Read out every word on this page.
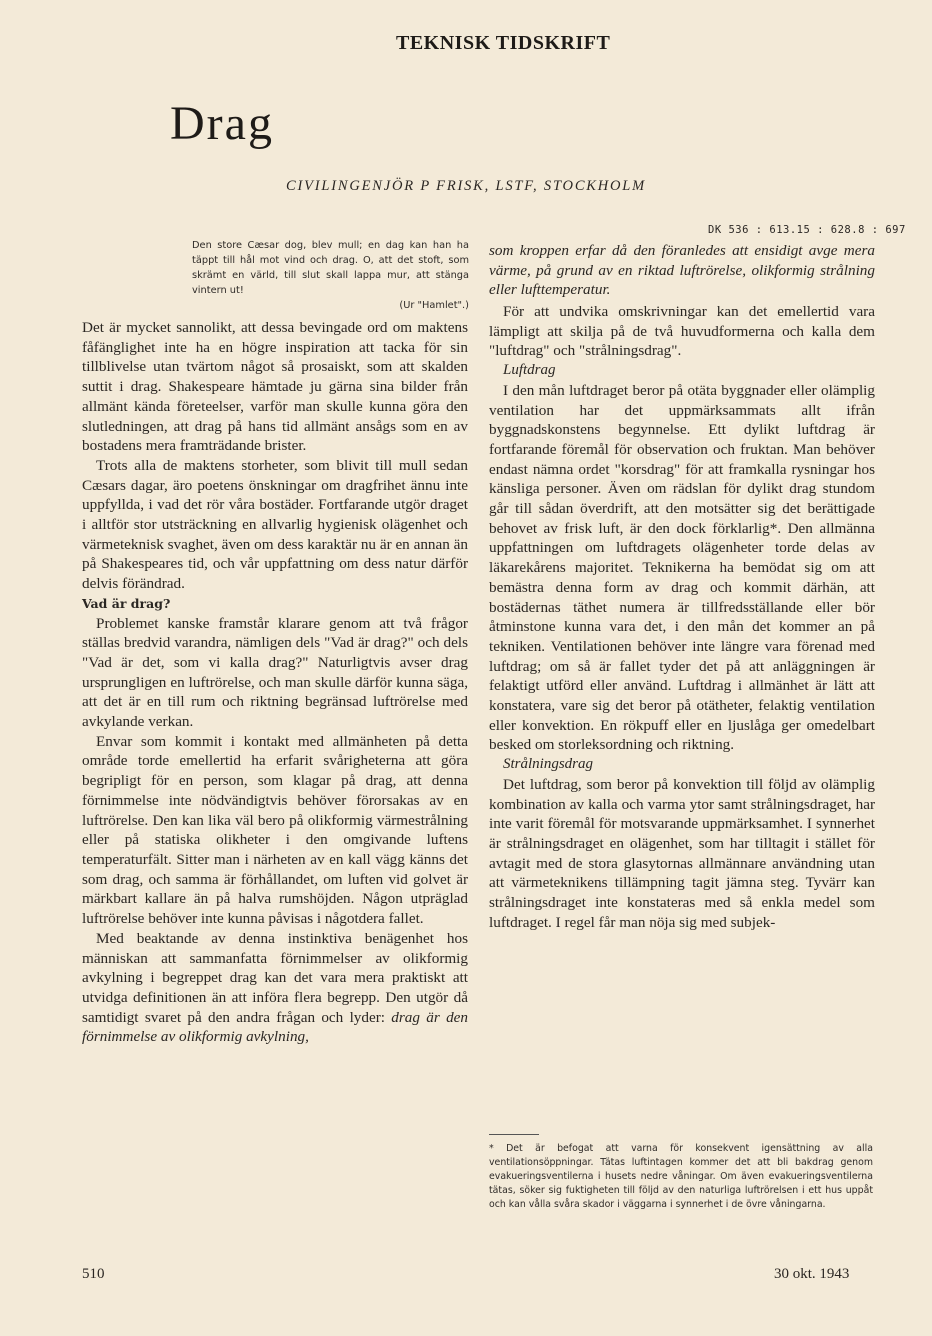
TEKNISK TIDSKRIFT
Drag
CIVILINGENJÖR P FRISK, LSTF, STOCKHOLM
DK 536 : 613.15 : 628.8 : 697
Den store Cæsar dog, blev mull; en dag kan han ha täppt till hål mot vind och drag. O, att det stoft, som skrämt en värld, till slut skall lappa mur, att stänga vintern ut!
(Ur "Hamlet".)

Det är mycket sannolikt, att dessa bevingade ord om maktens fåfänglighet inte ha en högre inspiration att tacka för sin tillblivelse utan tvärtom något så prosaiskt, som att skalden suttit i drag. Shakespeare hämtade ju gärna sina bilder från allmänt kända företeelser, varför man skulle kunna göra den slutledningen, att drag på hans tid allmänt ansågs som en av bostadens mera framträdande brister.

Trots alla de maktens storheter, som blivit till mull sedan Cæsars dagar, äro poetens önskningar om dragfrihet ännu inte uppfyllda, i vad det rör våra bostäder. Fortfarande utgör draget i alltför stor utsträckning en allvarlig hygienisk olägenhet och värmeteknisk svaghet, även om dess karaktär nu är en annan än på Shakespeares tid, och vår uppfattning om dess natur därför delvis förändrad.

Vad är drag?

Problemet kanske framstår klarare genom att två frågor ställas bredvid varandra, nämligen dels "Vad är drag?" och dels "Vad är det, som vi kalla drag?" Naturligtvis avser drag ursprungligen en luftrörelse, och man skulle därför kunna säga, att det är en till rum och riktning begränsad luftrörelse med avkylande verkan.

Envar som kommit i kontakt med allmänheten på detta område torde emellertid ha erfarit svårigheterna att göra begripligt för en person, som klagar på drag, att denna förnimmelse inte nödvändigtvis behöver förorsakas av en luftrörelse. Den kan lika väl bero på olikformig värmestrålning eller på statiska olikheter i den omgivande luftens temperaturfält. Sitter man i närheten av en kall vägg känns det som drag, och samma är förhållandet, om luften vid golvet är märkbart kallare än på halva rumshöjden. Någon utpräglad luftrörelse behöver inte kunna påvisas i någotdera fallet.

Med beaktande av denna instinktiva benägenhet hos människan att sammanfatta förnimmelser av olikformig avkylning i begreppet drag kan det vara mera praktiskt att utvidga definitionen än att införa flera begrepp. Den utgör då samtidigt svaret på den andra frågan och lyder: drag är den förnimmelse av olikformig avkylning,

som kroppen erfar då den föranledes att ensidigt avge mera värme, på grund av en riktad luftrörelse, olikformig strålning eller lufttemperatur.

För att undvika omskrivningar kan det emellertid vara lämpligt att skilja på de två huvudformerna och kalla dem "luftdrag" och "strålningsdrag".

Luftdrag

I den mån luftdraget beror på otäta byggnader eller olämplig ventilation har det uppmärksammats allt ifrån byggnadskonstens begynnelse. Ett dylikt luftdrag är fortfarande föremål för observation och fruktan. Man behöver endast nämna ordet "korsdrag" för att framkalla rysningar hos känsliga personer. Även om rädslan för dylikt drag stundom går till sådan överdrift, att den motsätter sig det berättigade behovet av frisk luft, är den dock förklarlig*. Den allmänna uppfattningen om luftdragets olägenheter torde delas av läkarekårens majoritet. Teknikerna ha bemödat sig om att bemästra denna form av drag och kommit därhän, att bostädernas täthet numera är tillfredsställande eller bör åtminstone kunna vara det, i den mån det kommer an på tekniken. Ventilationen behöver inte längre vara förenad med luftdrag; om så är fallet tyder det på att anläggningen är felaktigt utförd eller använd. Luftdrag i allmänhet är lätt att konstatera, vare sig det beror på otätheter, felaktig ventilation eller konvektion. En rökpuff eller en ljuslåga ger omedelbart besked om storleksordning och riktning.

Strålningsdrag

Det luftdrag, som beror på konvektion till följd av olämplig kombination av kalla och varma ytor samt strålningsdraget, har inte varit föremål för motsvarande uppmärksamhet. I synnerhet är strålningsdraget en olägenhet, som har tilltagit i stället för avtagit med de stora glasytornas allmännare användning utan att värmeteknikens tillämpning tagit jämna steg. Tyvärr kan strålningsdraget inte konstateras med så enkla medel som luftdraget. I regel får man nöja sig med subjek-

* Det är befogat att varna för konsekvent igensättning av alla ventilationsöppningar. Tätas luftintagen kommer det att bli bakdrag genom evakueringsventilerna i husets nedre våningar. Om även evakueringsventilerna tätas, söker sig fuktigheten till följd av den naturliga luftrörelsen i ett hus uppåt och kan vålla svåra skador i väggarna i synnerhet i de övre våningarna.
510	30 okt. 1943
